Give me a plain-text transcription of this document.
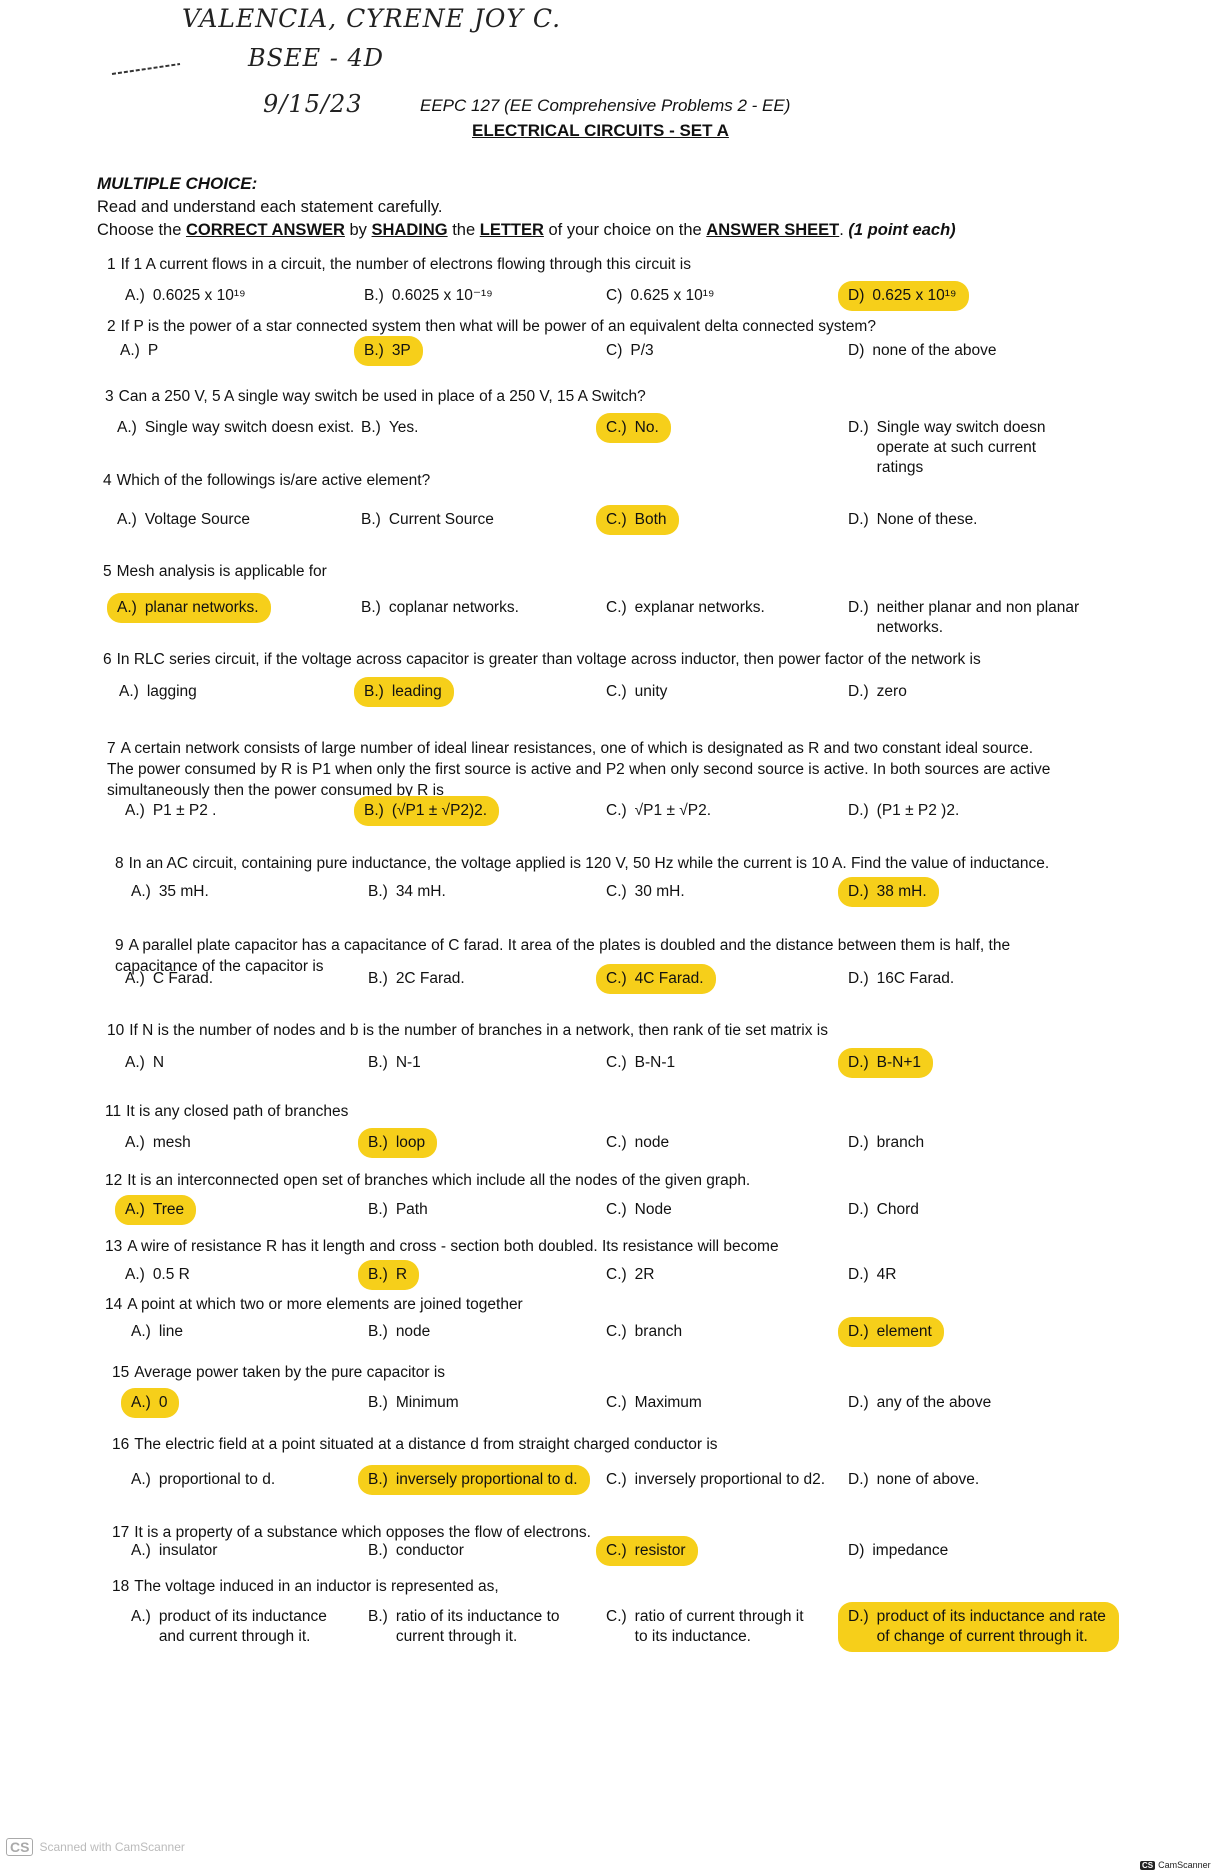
VALENCIA, CYRENE JOY C.
BSEE - 4D
9/15/23	EEPC 127 (EE Comprehensive Problems 2 - EE)
ELECTRICAL CIRCUITS - SET A
MULTIPLE CHOICE:
Read and understand each statement carefully.
Choose the CORRECT ANSWER by SHADING the LETTER of your choice on the ANSWER SHEET. (1 point each)
1 If 1 A current flows in a circuit, the number of electrons flowing through this circuit is
A.) 0.6025 x 10¹⁹	B.) 0.6025 x 10⁻¹⁹	C) 0.625 x 10¹⁹	D) 0.625 x 10¹⁹
2 If P is the power of a star connected system then what will be power of an equivalent delta connected system?
A.) P	B.) 3P	C) P/3	D) none of the above
3 Can a 250 V, 5 A single way switch be used in place of a 250 V, 15 A Switch?
A.) Single way switch doesn exist. B.) Yes.	C.) No.	D.) Single way switch doesn operate at such current ratings
4 Which of the followings is/are active element?
A.) Voltage Source	B.) Current Source	C.) Both	D.) None of these.
5 Mesh analysis is applicable for
A.) planar networks.	B.) coplanar networks.	C.) explanar networks.	D.) neither planar and non planar networks.
6 In RLC series circuit, if the voltage across capacitor is greater than voltage across inductor, then power factor of the network is
A.) lagging	B.) leading	C.) unity	D.) zero
7 A certain network consists of large number of ideal linear resistances, one of which is designated as R and two constant ideal source. The power consumed by R is P1 when only the first source is active and P2 when only second source is active. In both sources are active simultaneously then the power consumed by R is
A.) P1 ± P2 .	B.) (√P1 ± √P2)2.	C.) √P1 ± √P2.	D.) (P1 ± P2 )2.
8 In an AC circuit, containing pure inductance, the voltage applied is 120 V, 50 Hz while the current is 10 A. Find the value of inductance.
A.) 35 mH.	B.) 34 mH.	C.) 30 mH.	D.) 38 mH.
9 A parallel plate capacitor has a capacitance of C farad. It area of the plates is doubled and the distance between them is half, the capacitance of the capacitor is
A.) C Farad.	B.) 2C Farad.	C.) 4C Farad.	D.) 16C Farad.
10 If N is the number of nodes and b is the number of branches in a network, then rank of tie set matrix is
A.) N	B.) N-1	C.) B-N-1	D.) B-N+1
11 It is any closed path of branches
A.) mesh	B.) loop	C.) node	D.) branch
12 It is an interconnected open set of branches which include all the nodes of the given graph.
A.) Tree	B.) Path	C.) Node	D.) Chord
13 A wire of resistance R has it length and cross - section both doubled. Its resistance will become
A.) 0.5 R	B.) R	C.) 2R	D.) 4R
14 A point at which two or more elements are joined together
A.) line	B.) node	C.) branch	D.) element
15 Average power taken by the pure capacitor is
A.) 0	B.) Minimum	C.) Maximum	D.) any of the above
16 The electric field at a point situated at a distance d from straight charged conductor is
A.) proportional to d.	B.) inversely proportional to d. C.) inversely proportional to d2. D.) none of above.
17 It is a property of a substance which opposes the flow of electrons.
A.) insulator	B.) conductor	C.) resistor	D) impedance
18 The voltage induced in an inductor is represented as,
A.) product of its inductance and current through it.
B.) ratio of its inductance to current through it.
C.) ratio of current through it to its inductance.
D.) product of its inductance and rate of change of current through it.
CS Scanned with CamScanner
CS CamScanner
